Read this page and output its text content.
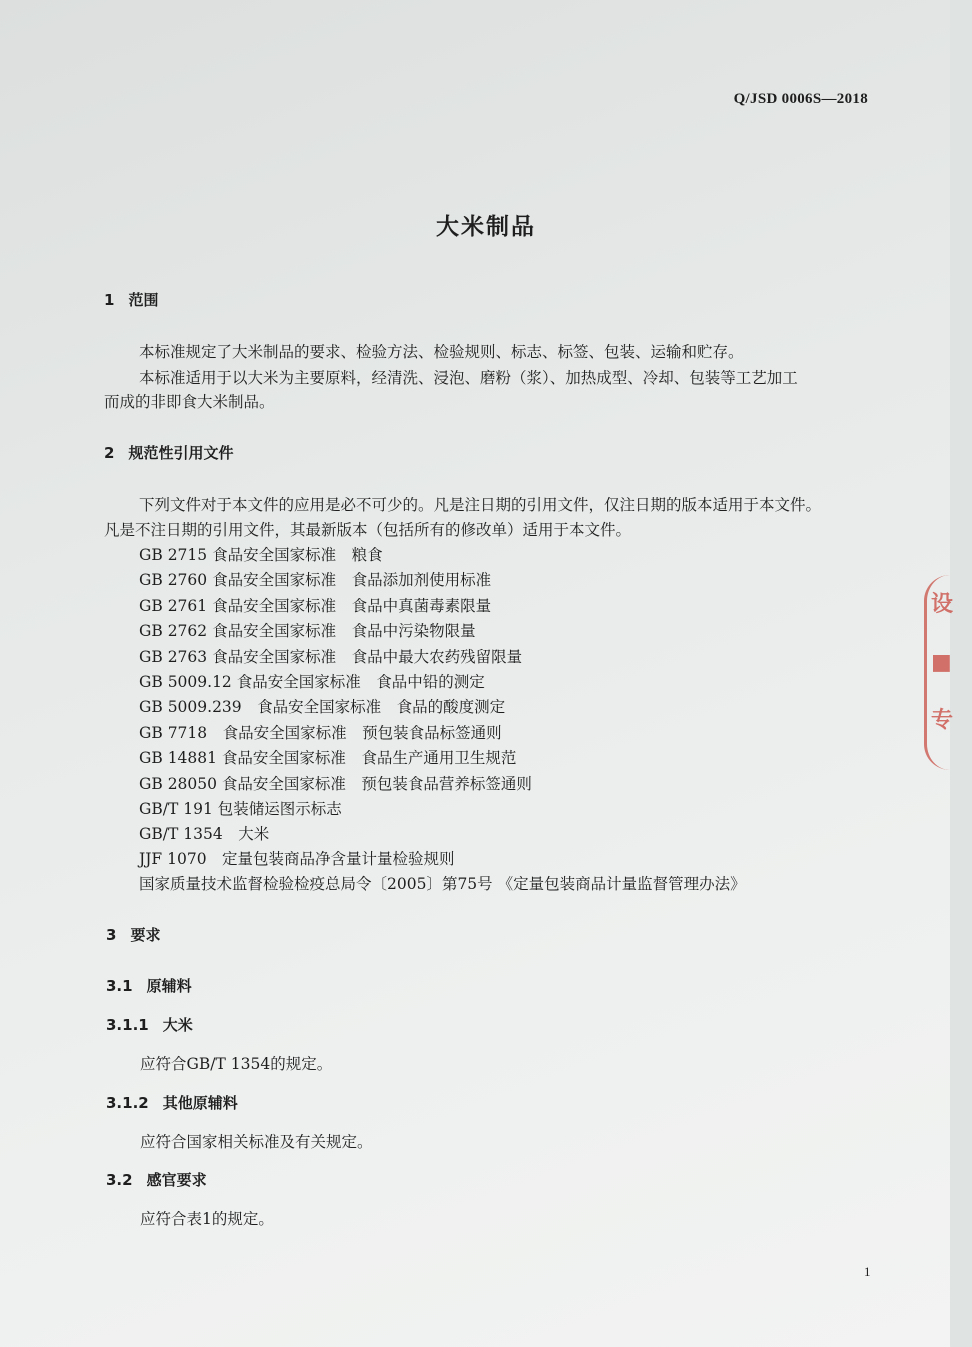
Q/JSD 0006S—2018
大米制品
1 范围
本标准规定了大米制品的要求、检验方法、检验规则、标志、标签、包装、运输和贮存。
本标准适用于以大米为主要原料，经清洗、浸泡、磨粉（浆）、加热成型、冷却、包装等工艺加工
而成的非即食大米制品。
2 规范性引用文件
下列文件对于本文件的应用是必不可少的。凡是注日期的引用文件，仅注日期的版本适用于本文件。
凡是不注日期的引用文件，其最新版本（包括所有的修改单）适用于本文件。
GB 2715 食品安全国家标准　粮食
GB 2760 食品安全国家标准　食品添加剂使用标准
GB 2761 食品安全国家标准　食品中真菌毒素限量
GB 2762 食品安全国家标准　食品中污染物限量
GB 2763 食品安全国家标准　食品中最大农药残留限量
GB 5009.12 食品安全国家标准　食品中铅的测定
GB 5009.239　食品安全国家标准　食品的酸度测定
GB 7718　食品安全国家标准　预包装食品标签通则
GB 14881 食品安全国家标准　食品生产通用卫生规范
GB 28050 食品安全国家标准　预包装食品营养标签通则
GB/T 191 包装储运图示标志
GB/T 1354　大米
JJF 1070　定量包装商品净含量计量检验规则
国家质量技术监督检验检疫总局令〔2005〕第75号 《定量包装商品计量监督管理办法》
3 要求
3.1 原辅料
3.1.1 大米
应符合GB/T 1354的规定。
3.1.2 其他原辅料
应符合国家相关标准及有关规定。
3.2 感官要求
应符合表1的规定。
1
设
■
专
